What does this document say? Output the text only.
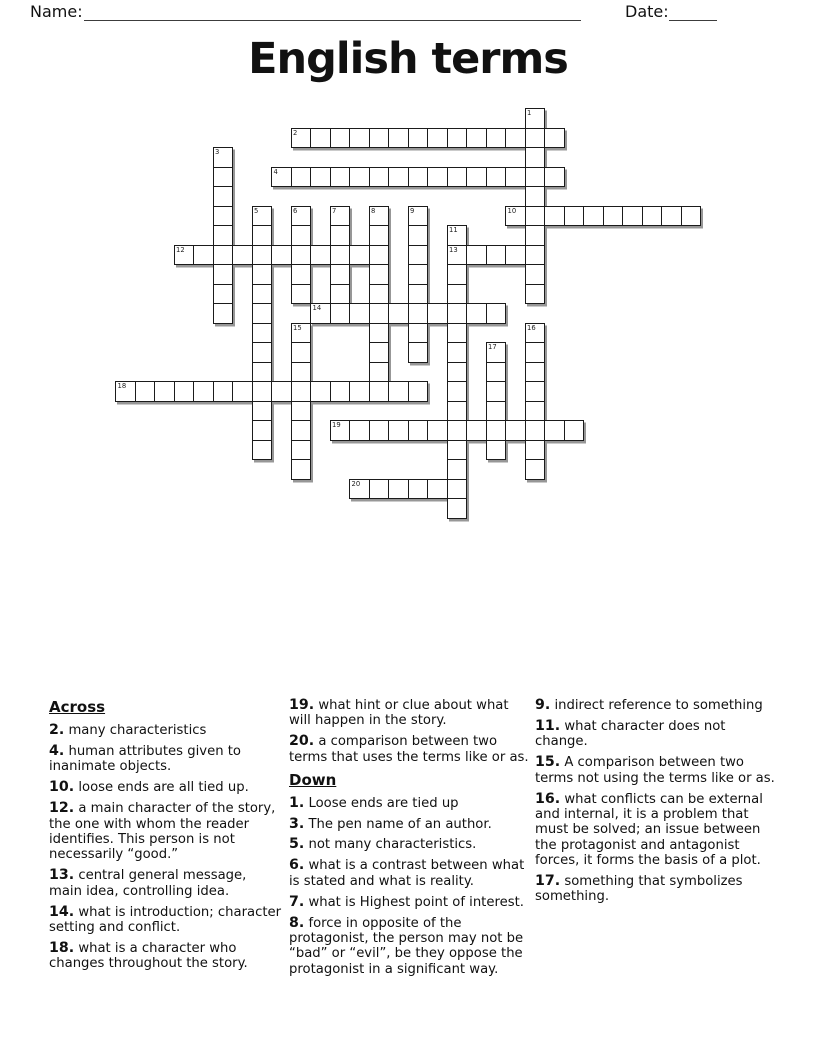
Name:	Date:
English terms
1
2
3
4
5	6	7	8	9	10
11
12	13
14
15	16
17
18
19
20
Across
2. many characteristics
4. human attributes given to inanimate objects.
10. loose ends are all tied up.
12. a main character of the story, the one with whom the reader identifies. This person is not necessarily “good.”
13. central general message, main idea, controlling idea.
14. what is introduction; character setting and conflict.
18. what is a character who changes throughout the story.
19. what hint or clue about what will happen in the story.
20. a comparison between two terms that uses the terms like or as.
Down
1. Loose ends are tied up
3. The pen name of an author.
5. not many characteristics.
6. what is a contrast between what is stated and what is reality.
7. what is Highest point of interest.
8. force in opposite of the protagonist, the person may not be “bad” or “evil”, be they oppose the protagonist in a significant way.
9. indirect reference to something
11. what character does not change.
15. A comparison between two terms not using the terms like or as.
16. what conflicts can be external and internal, it is a problem that must be solved; an issue between the protagonist and antagonist forces, it forms the basis of a plot.
17. something that symbolizes something.
